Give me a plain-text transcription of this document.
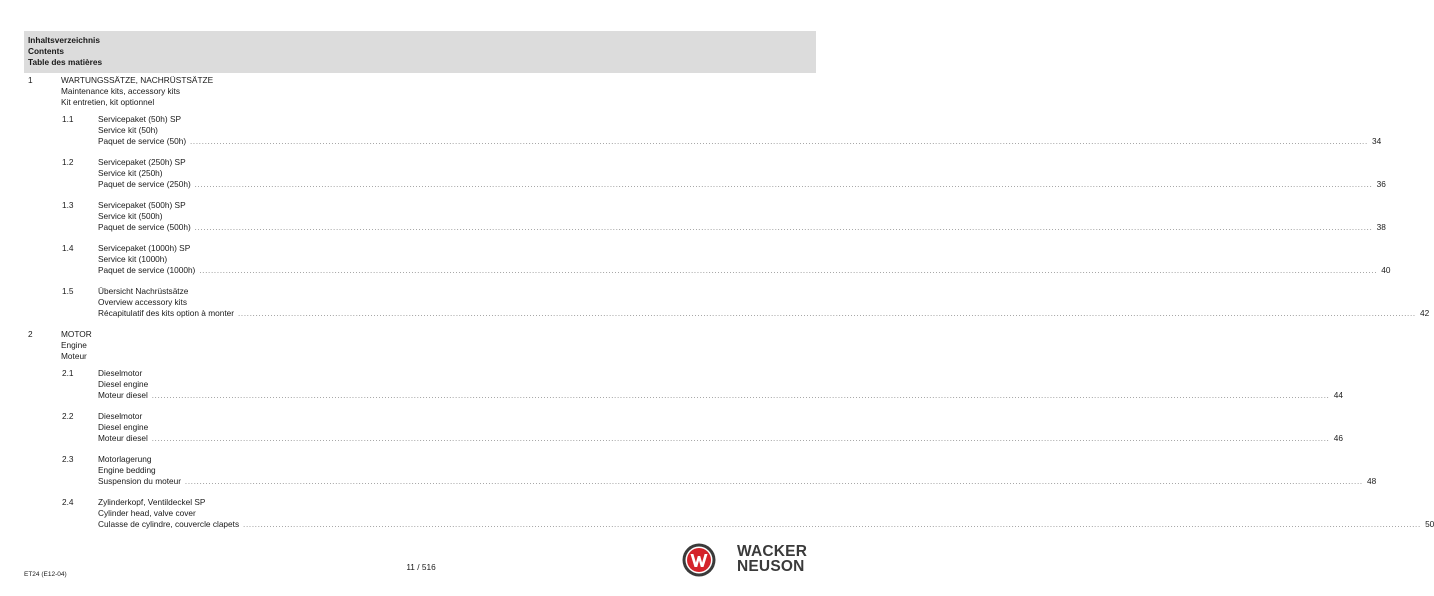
Inhaltsverzeichnis
Contents
Table des matières
1	WARTUNGSSÄTZE, NACHRÜSTSÄTZE
Maintenance kits, accessory kits
Kit entretien, kit optionnel
1.1	Servicepaket (50h) SP
Service kit (50h)
Paquet de service (50h) ................................................................................................................................................................................................................................................................................................................................................................................................................ 34
1.2	Servicepaket (250h) SP
Service kit (250h)
Paquet de service (250h) ................................................................................................................................................................................................................................................................................................................................................................................................................ 36
1.3	Servicepaket (500h) SP
Service kit (500h)
Paquet de service (500h) ................................................................................................................................................................................................................................................................................................................................................................................................................ 38
1.4	Servicepaket (1000h) SP
Service kit (1000h)
Paquet de service (1000h) ................................................................................................................................................................................................................................................................................................................................................................................................................ 40
1.5	Übersicht Nachrüstsätze
Overview accessory kits
Récapitulatif des kits option à monter ................................................................................................................................................................................................................................................................................................................................................................................................................ 42
2	MOTOR
Engine
Moteur
2.1	Dieselmotor
Diesel engine
Moteur diesel ................................................................................................................................................................................................................................................................................................................................................................................................................ 44
2.2	Dieselmotor
Diesel engine
Moteur diesel ................................................................................................................................................................................................................................................................................................................................................................................................................ 46
2.3	Motorlagerung
Engine bedding
Suspension du moteur ................................................................................................................................................................................................................................................................................................................................................................................................................ 48
2.4	Zylinderkopf, Ventildeckel SP
Cylinder head, valve cover
Culasse de cylindre, couvercle clapets ................................................................................................................................................................................................................................................................................................................................................................................................................ 50
ET24 (E12-04)
11 / 516
WACKER
NEUSON
